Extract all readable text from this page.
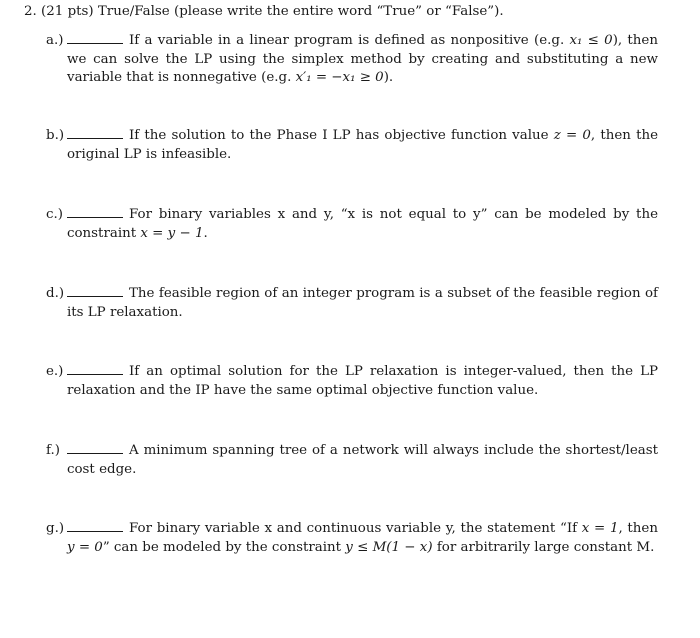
2. (21 pts) True/False (please write the entire word “True” or “False”).
a.)	If a variable in a linear program is defined as nonpositive (e.g. x₁ ≤ 0), then we can solve the LP using the simplex method by creating and substituting a new variable that is nonnegative (e.g. x′₁ = −x₁ ≥ 0).
b.)	If the solution to the Phase I LP has objective function value z = 0, then the original LP is infeasible.
c.)	For binary variables x and y, “x is not equal to y” can be modeled by the constraint x = y − 1.
d.)	The feasible region of an integer program is a subset of the feasible region of its LP relaxation.
e.)	If an optimal solution for the LP relaxation is integer-valued, then the LP relaxation and the IP have the same optimal objective function value.
f.)	A minimum spanning tree of a network will always include the shortest/least cost edge.
g.)	For binary variable x and continuous variable y, the statement “If x = 1, then y = 0” can be modeled by the constraint y ≤ M(1 − x) for arbitrarily large constant M.
